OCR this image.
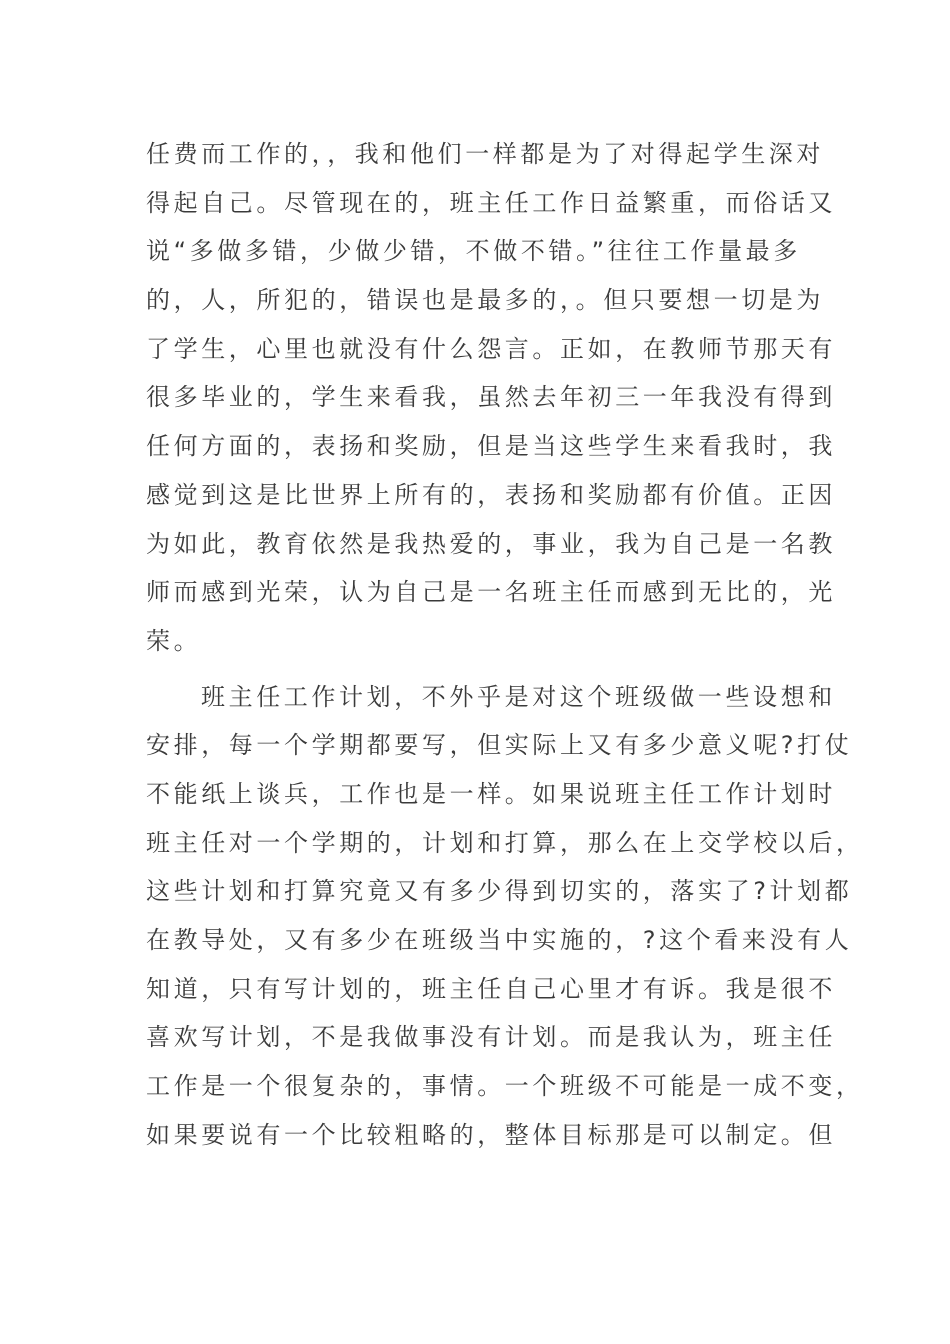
任费而工作的，，我和他们一样都是为了对得起学生深对
得起自己。尽管现在的，班主任工作日益繁重，而俗话又
说“多做多错，少做少错，不做不错。”往往工作量最多
的，人，所犯的，错误也是最多的，。但只要想一切是为
了学生，心里也就没有什么怨言。正如，在教师节那天有
很多毕业的，学生来看我，虽然去年初三一年我没有得到
任何方面的，表扬和奖励，但是当这些学生来看我时，我
感觉到这是比世界上所有的，表扬和奖励都有价值。正因
为如此，教育依然是我热爱的，事业，我为自己是一名教
师而感到光荣，认为自己是一名班主任而感到无比的，光
荣。
班主任工作计划，不外乎是对这个班级做一些设想和
安排，每一个学期都要写，但实际上又有多少意义呢?打仗
不能纸上谈兵，工作也是一样。如果说班主任工作计划时
班主任对一个学期的，计划和打算，那么在上交学校以后，
这些计划和打算究竟又有多少得到切实的，落实了?计划都
在教导处，又有多少在班级当中实施的，?这个看来没有人
知道，只有写计划的，班主任自己心里才有诉。我是很不
喜欢写计划，不是我做事没有计划。而是我认为，班主任
工作是一个很复杂的，事情。一个班级不可能是一成不变，
如果要说有一个比较粗略的，整体目标那是可以制定。但
